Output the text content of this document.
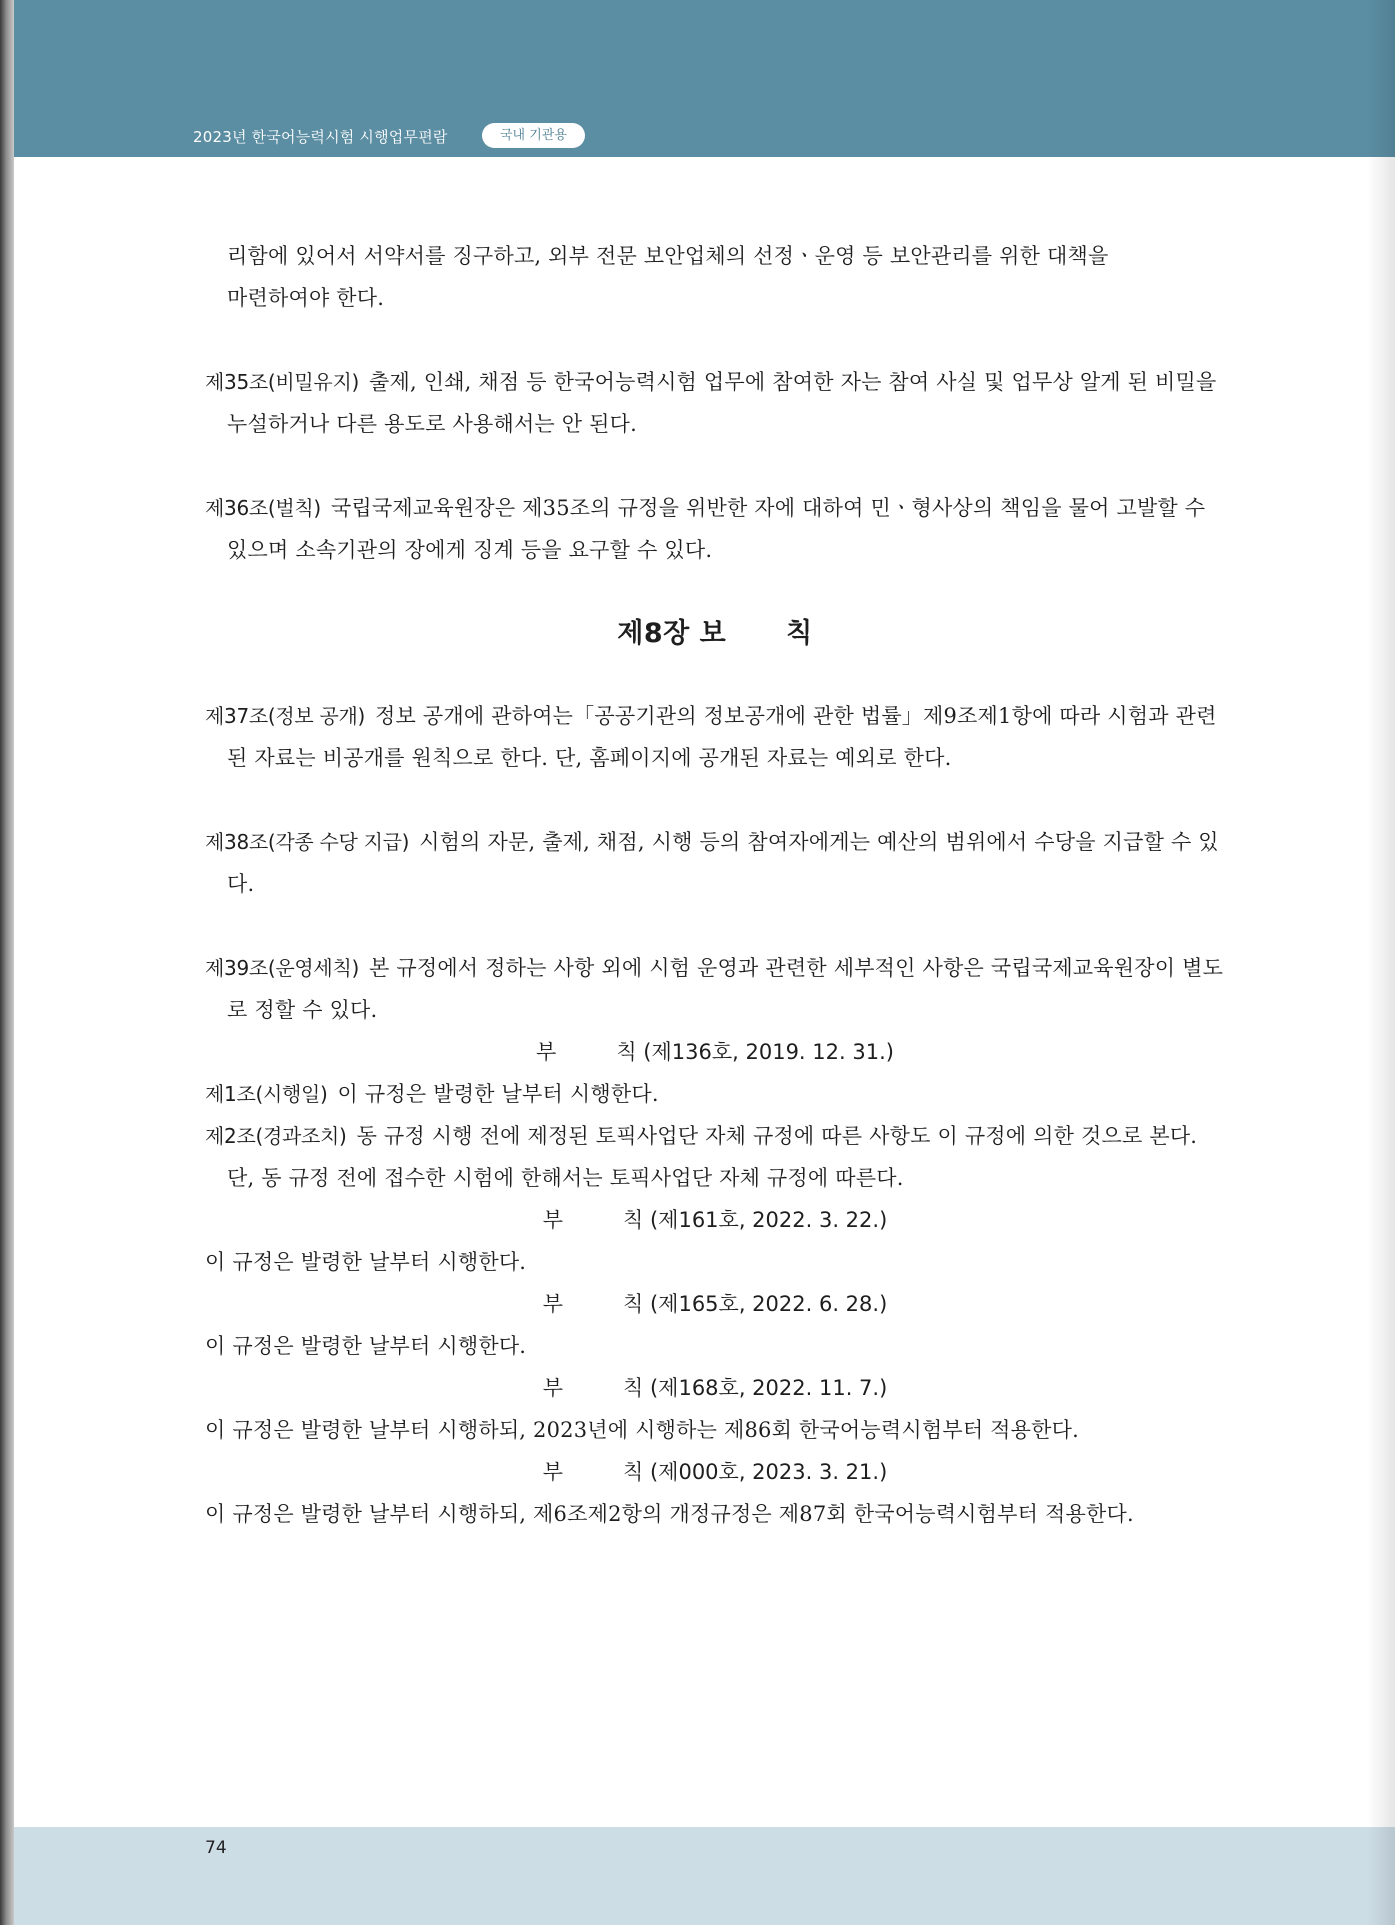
2023년 한국어능력시험 시행업무편람	국내 기관용

리함에 있어서 서약서를 징구하고, 외부 전문 보안업체의 선정ㆍ운영 등 보안관리를 위한 대책을

마련하여야 한다.

제35조(비밀유지) 출제, 인쇄, 채점 등 한국어능력시험 업무에 참여한 자는 참여 사실 및 업무상 알게 된 비밀을 누설하거나 다른 용도로 사용해서는 안 된다.

제36조(벌칙) 국립국제교육원장은 제35조의 규정을 위반한 자에 대하여 민ㆍ형사상의 책임을 물어 고발할 수 있으며 소속기관의 장에게 징계 등을 요구할 수 있다.

제8장 보 칙

제37조(정보 공개) 정보 공개에 관하여는「공공기관의 정보공개에 관한 법률」제9조제1항에 따라 시험과 관련된 자료는 비공개를 원칙으로 한다. 단, 홈페이지에 공개된 자료는 예외로 한다.

제38조(각종 수당 지급) 시험의 자문, 출제, 채점, 시행 등의 참여자에게는 예산의 범위에서 수당을 지급할 수 있다.

제39조(운영세칙) 본 규정에서 정하는 사항 외에 시험 운영과 관련한 세부적인 사항은 국립국제교육원장이 별도로 정할 수 있다.

부	칙 (제136호, 2019. 12. 31.)

제1조(시행일) 이 규정은 발령한 날부터 시행한다.

제2조(경과조치) 동 규정 시행 전에 제정된 토픽사업단 자체 규정에 따른 사항도 이 규정에 의한 것으로 본다. 단, 동 규정 전에 접수한 시험에 한해서는 토픽사업단 자체 규정에 따른다.

부	칙 (제161호, 2022. 3. 22.)

이 규정은 발령한 날부터 시행한다.

부	칙 (제165호, 2022. 6. 28.)

이 규정은 발령한 날부터 시행한다.

부	칙 (제168호, 2022. 11. 7.)

이 규정은 발령한 날부터 시행하되, 2023년에 시행하는 제86회 한국어능력시험부터 적용한다.

부	칙 (제000호, 2023. 3. 21.)

이 규정은 발령한 날부터 시행하되, 제6조제2항의 개정규정은 제87회 한국어능력시험부터 적용한다.

74
